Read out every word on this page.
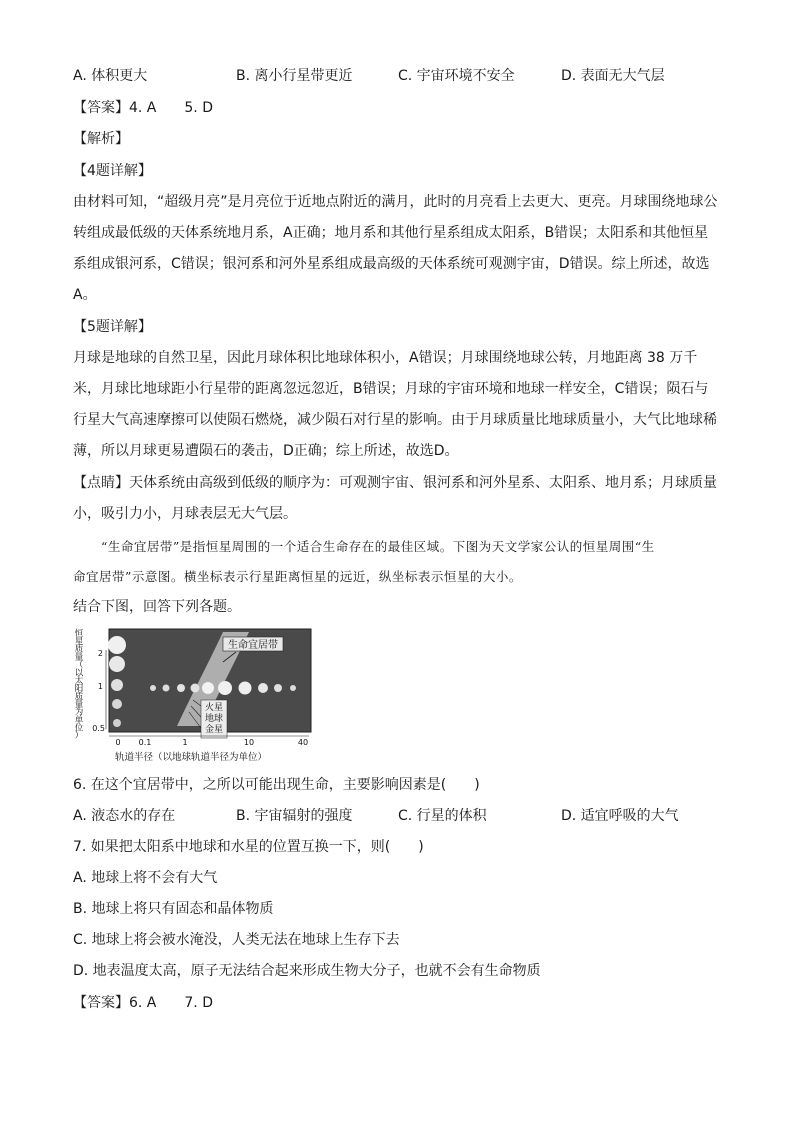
A. 体积更大	B. 离小行星带更近	C. 宇宙环境不安全	D. 表面无大气层
【答案】4. A　　5. D
【解析】
【4题详解】
由材料可知，“超级月亮”是月亮位于近地点附近的满月，此时的月亮看上去更大、更亮。月球围绕地球公
转组成最低级的天体系统地月系，A正确；地月系和其他行星系组成太阳系，B错误；太阳系和其他恒星
系组成银河系，C错误；银河系和河外星系组成最高级的天体系统可观测宇宙，D错误。综上所述，故选
A。
【5题详解】
月球是地球的自然卫星，因此月球体积比地球体积小，A错误；月球围绕地球公转，月地距离 38 万千
米，月球比地球距小行星带的距离忽远忽近，B错误；月球的宇宙环境和地球一样安全，C错误；陨石与
行星大气高速摩擦可以使陨石燃烧，减少陨石对行星的影响。由于月球质量比地球质量小，大气比地球稀
薄，所以月球更易遭陨石的袭击，D正确；综上所述，故选D。
【点睛】天体系统由高级到低级的顺序为：可观测宇宙、银河系和河外星系、太阳系、地月系；月球质量
小，吸引力小，月球表层无大气层。
“生命宜居带”是指恒星周围的一个适合生命存在的最佳区域。下图为天文学家公认的恒星周围“生
命宜居带”示意图。横坐标表示行星距离恒星的远近，纵坐标表示恒星的大小。
结合下图，回答下列各题。
恒
星
质
量
（
以
太
阳
质
量
为
单
位
）
生命宜居带
火星
地球
金星
2
1
0.5
0 0.1	1	10	40
轨道半径（以地球轨道半径为单位）
6. 在这个宜居带中，之所以可能出现生命，主要影响因素是(　　)
A. 液态水的存在	B. 宇宙辐射的强度	C. 行星的体积	D. 适宜呼吸的大气
7. 如果把太阳系中地球和水星的位置互换一下，则(　　)
A. 地球上将不会有大气
B. 地球上将只有固态和晶体物质
C. 地球上将会被水淹没，人类无法在地球上生存下去
D. 地表温度太高，原子无法结合起来形成生物大分子，也就不会有生命物质
【答案】6. A　　7. D
